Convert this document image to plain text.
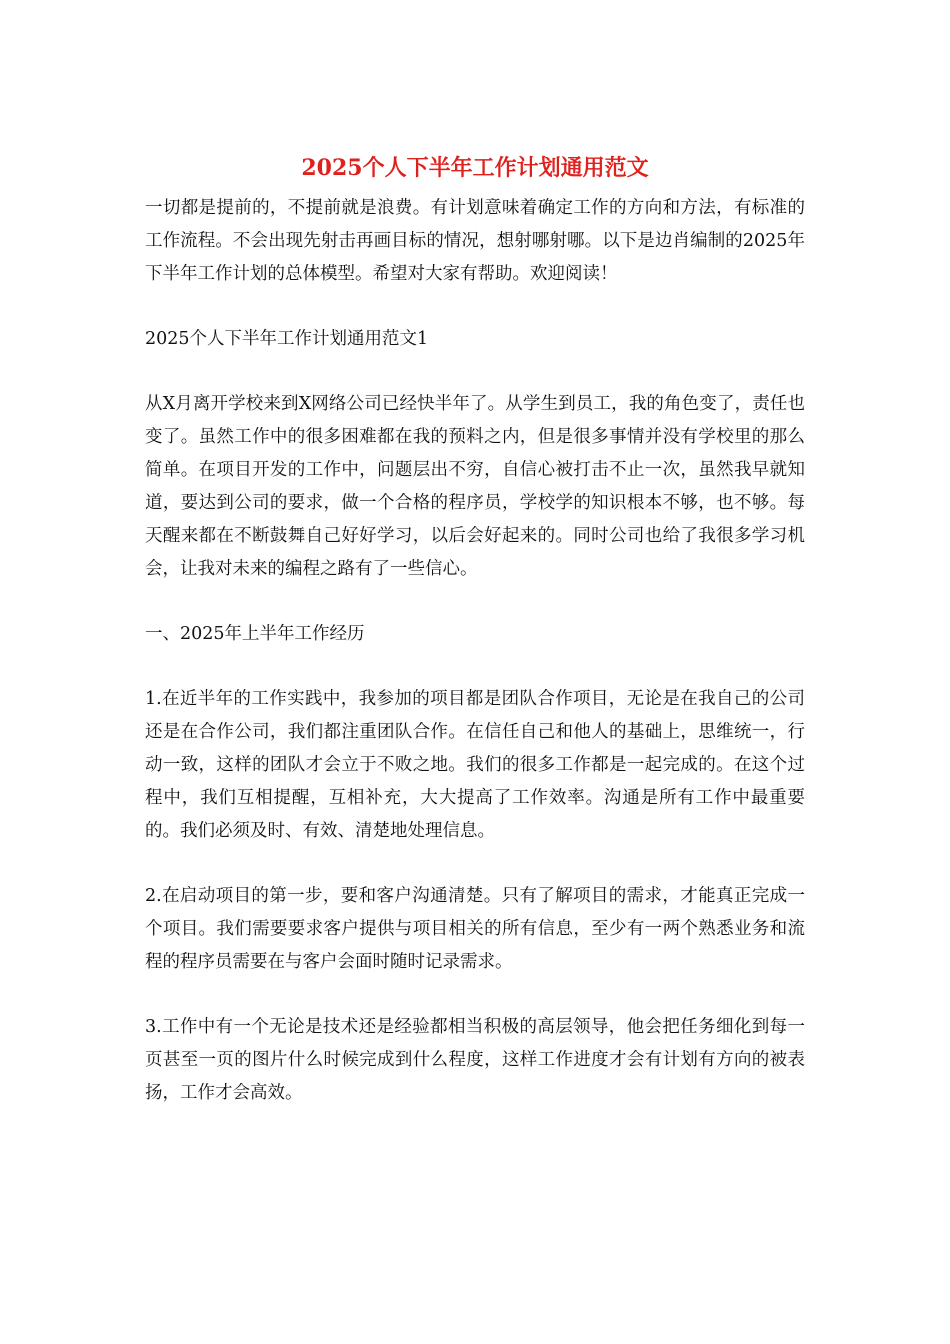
2025个人下半年工作计划通用范文

一切都是提前的，不提前就是浪费。有计划意味着确定工作的方向和方法，有标准的工作流程。不会出现先射击再画目标的情况，想射哪射哪。以下是边肖编制的2025年下半年工作计划的总体模型。希望对大家有帮助。欢迎阅读！

2025个人下半年工作计划通用范文1

从X月离开学校来到X网络公司已经快半年了。从学生到员工，我的角色变了，责任也变了。虽然工作中的很多困难都在我的预料之内，但是很多事情并没有学校里的那么简单。在项目开发的工作中，问题层出不穷，自信心被打击不止一次，虽然我早就知道，要达到公司的要求，做一个合格的程序员，学校学的知识根本不够，也不够。每天醒来都在不断鼓舞自己好好学习，以后会好起来的。同时公司也给了我很多学习机会，让我对未来的编程之路有了一些信心。

一、2025年上半年工作经历

1.在近半年的工作实践中，我参加的项目都是团队合作项目，无论是在我自己的公司还是在合作公司，我们都注重团队合作。在信任自己和他人的基础上，思维统一，行动一致，这样的团队才会立于不败之地。我们的很多工作都是一起完成的。在这个过程中，我们互相提醒，互相补充，大大提高了工作效率。沟通是所有工作中最重要的。我们必须及时、有效、清楚地处理信息。

2.在启动项目的第一步，要和客户沟通清楚。只有了解项目的需求，才能真正完成一个项目。我们需要要求客户提供与项目相关的所有信息，至少有一两个熟悉业务和流程的程序员需要在与客户会面时随时记录需求。

3.工作中有一个无论是技术还是经验都相当积极的高层领导，他会把任务细化到每一页甚至一页的图片什么时候完成到什么程度，这样工作进度才会有计划有方向的被表扬，工作才会高效。
